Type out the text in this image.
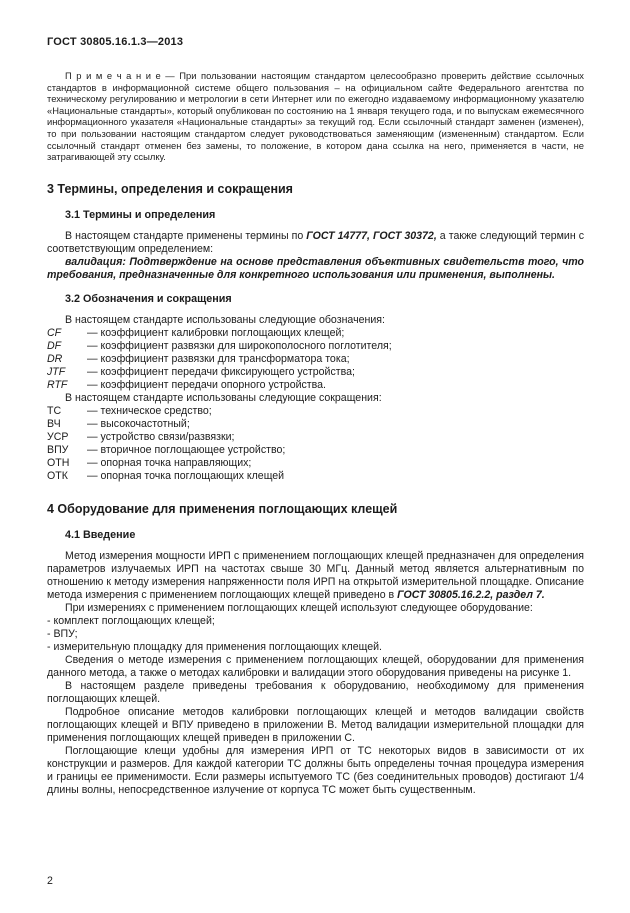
ГОСТ 30805.16.1.3—2013

П р и м е ч а н и е — При пользовании настоящим стандартом целесообразно проверить действие ссылочных стандартов в информационной системе общего пользования – на официальном сайте Федерального агентства по техническому регулированию и метрологии в сети Интернет или по ежегодно издаваемому информационному указателю «Национальные стандарты», который опубликован по состоянию на 1 января текущего года, и по выпускам ежемесячного информационного указателя «Национальные стандарты» за текущий год. Если ссылочный стандарт заменен (изменен), то при пользовании настоящим стандартом следует руководствоваться заменяющим (измененным) стандартом. Если ссылочный стандарт отменен без замены, то положение, в котором дана ссылка на него, применяется в части, не затрагивающей эту ссылку.

3 Термины, определения и сокращения
3.1 Термины и определения

В настоящем стандарте применены термины по ГОСТ 14777, ГОСТ 30372, а также следующий термин с соответствующим определением:

валидация: Подтверждение на основе представления объективных свидетельств того, что требования, предназначенные для конкретного использования или применения, выполнены.

3.2 Обозначения и сокращения

В настоящем стандарте использованы следующие обозначения:

CF	— коэффициент калибровки поглощающих клещей;
DF	— коэффициент развязки для широкополосного поглотителя;
DR	— коэффициент развязки для трансформатора тока;
JTF	— коэффициент передачи фиксирующего устройства;
RTF	— коэффициент передачи опорного устройства.

В настоящем стандарте использованы следующие сокращения:

ТС	— техническое средство;
ВЧ	— высокочастотный;
УСР	— устройство связи/развязки;
ВПУ	— вторичное поглощающее устройство;
ОТН	— опорная точка направляющих;
ОТК	— опорная точка поглощающих клещей
4 Оборудование для применения поглощающих клещей
4.1 Введение

Метод измерения мощности ИРП с применением поглощающих клещей предназначен для определения параметров излучаемых ИРП на частотах свыше 30 МГц. Данный метод является альтернативным по отношению к методу измерения напряженности поля ИРП на открытой измерительной площадке. Описание метода измерения с применением поглощающих клещей приведено в ГОСТ 30805.16.2.2, раздел 7.

При измерениях с применением поглощающих клещей используют следующее оборудование:

- комплект поглощающих клещей;
- ВПУ;
- измерительную площадку для применения поглощающих клещей.

Сведения о методе измерения с применением поглощающих клещей, оборудовании для применения данного метода, а также о методах калибровки и валидации этого оборудования приведены на рисунке 1.

В настоящем разделе приведены требования к оборудованию, необходимому для применения поглощающих клещей.

Подробное описание методов калибровки поглощающих клещей и методов валидации свойств поглощающих клещей и ВПУ приведено в приложении В. Метод валидации измерительной площадки для применения поглощающих клещей приведен в приложении С.

Поглощающие клещи удобны для измерения ИРП от ТС некоторых видов в зависимости от их конструкции и размеров. Для каждой категории ТС должны быть определены точная процедура измерения и границы ее применимости. Если размеры испытуемого ТС (без соединительных проводов) достигают 1/4 длины волны, непосредственное излучение от корпуса ТС может быть существенным.

2
